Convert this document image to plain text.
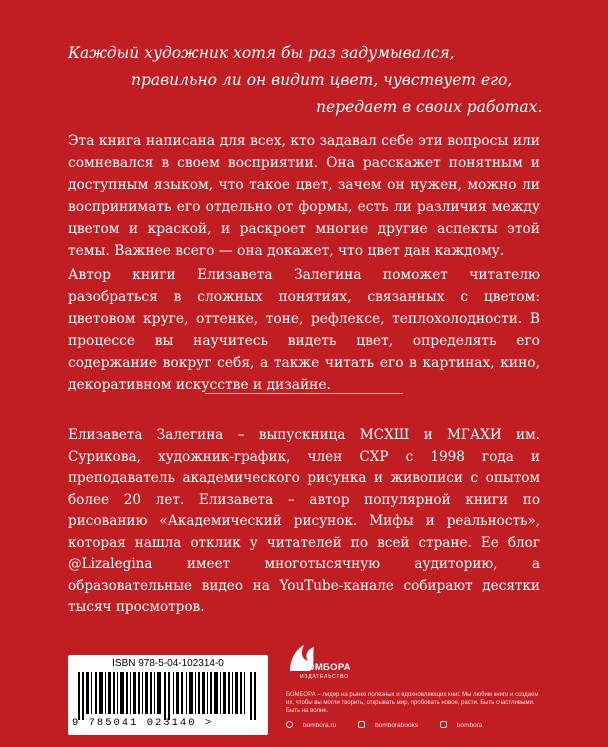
Каждый художник хотя бы раз задумывался,
правильно ли он видит цвет, чувствует его,
передает в своих работах.

Эта книга написана для всех, кто задавал себе эти вопросы или сомневался в своем восприятии. Она расскажет понятным и доступным языком, что такое цвет, зачем он нужен, можно ли воспринимать его отдельно от формы, есть ли различия между цветом и краской, и раскроет многие другие аспекты этой темы. Важнее всего — она докажет, что цвет дан каждому.

Автор книги Елизавета Залегина поможет читателю разобраться в сложных понятиях, связанных с цветом: цветовом круге, оттенке, тоне, рефлексе, теплохолодности. В процессе вы научитесь видеть цвет, определять его содержание вокруг себя, а также читать его в картинах, кино, декоративном искусстве и дизайне.

Елизавета Залегина – выпускница МСХШ и МГАХИ им. Сурикова, художник-график, член СХР с 1998 года и преподаватель академического рисунка и живописи с опытом более 20 лет. Елизавета – автор популярной книги по рисованию «Академический рисунок. Мифы и реальность», которая нашла отклик у читателей по всей стране. Ее блог @Lizalegina имеет многотысячную аудиторию, а образовательные видео на YouTube-канале собирают десятки тысяч просмотров.

ISBN 978-5-04-102314-0
9 785041 023140 >
БОМБОРА
ИЗДАТЕЛЬСТВО

БОМБОРА – лидер на рынке полезных и вдохновляющих книг. Мы любим книги и создаем их, чтобы вы могли творить, открывать мир, пробовать новое, расти. Быть счастливыми. Быть на волне.

bombora.ru	bomborabooks	bombora
